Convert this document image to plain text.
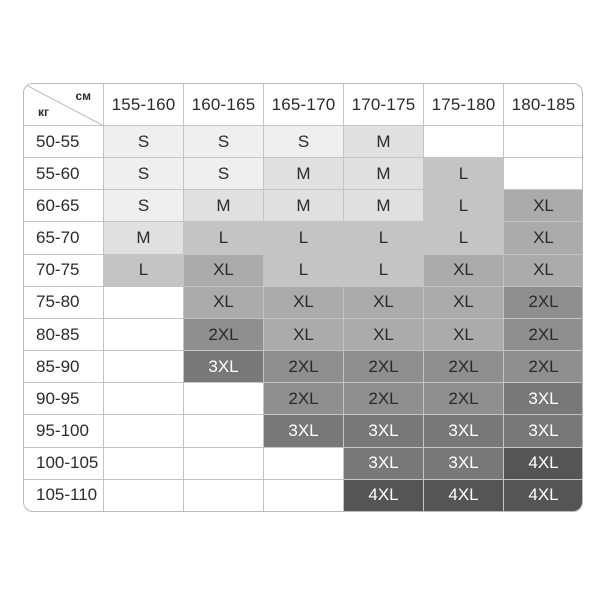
см
кг	155-160	160-165	165-170	170-175	175-180	180-185
50-55	S	S	S	M		
55-60	S	S	M	M	L	
60-65	S	M	M	M	L	XL
65-70	M	L	L	L	L	XL
70-75	L	XL	L	L	XL	XL
75-80		XL	XL	XL	XL	2XL
80-85		2XL	XL	XL	XL	2XL
85-90		3XL	2XL	2XL	2XL	2XL
90-95			2XL	2XL	2XL	3XL
95-100			3XL	3XL	3XL	3XL
100-105				3XL	3XL	4XL
105-110				4XL	4XL	4XL
